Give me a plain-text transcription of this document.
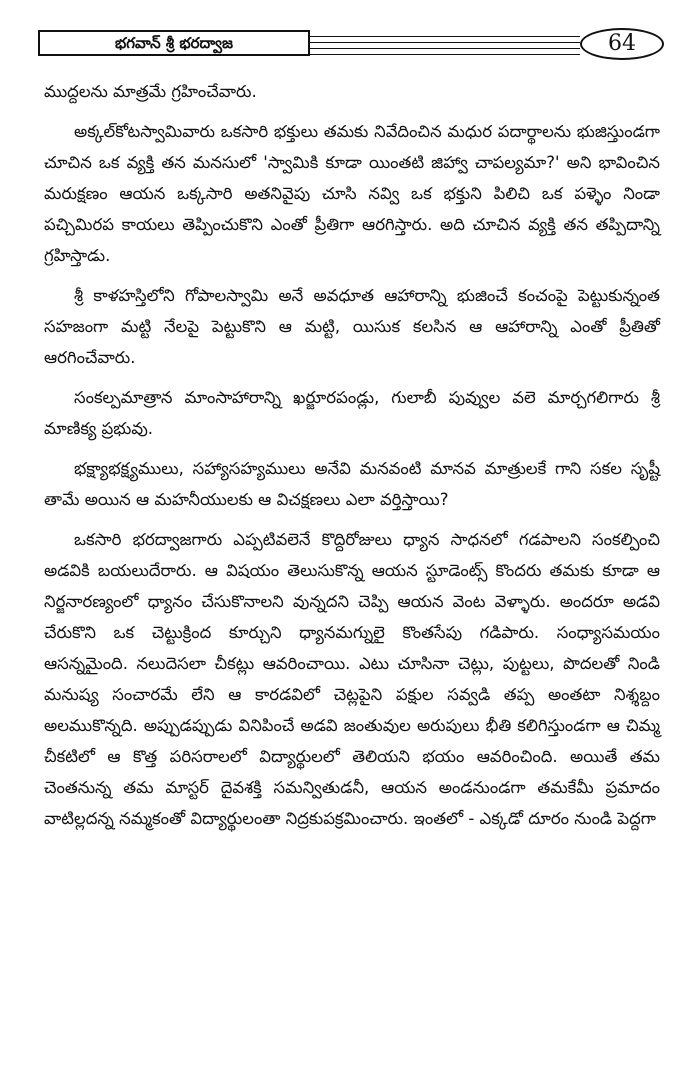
భగవాన్ శ్రీ భరద్వాజ	64

ముద్దలను మాత్రమే గ్రహించేవారు.

అక్కల్‌కోటస్వామివారు ఒకసారి భక్తులు తమకు నివేదించిన మధుర పదార్థాలను భుజిస్తుండగా చూచిన ఒక వ్యక్తి తన మనసులో 'స్వామికి కూడా యింతటి జిహ్వా చాపల్యమా?' అని భావించిన మరుక్షణం ఆయన ఒక్కసారి అతనివైపు చూసి నవ్వి ఒక భక్తుని పిలిచి ఒక పళ్ళెం నిండా పచ్చిమిరప కాయలు తెప్పించుకొని ఎంతో ప్రీతిగా ఆరగిస్తారు. అది చూచిన వ్యక్తి తన తప్పిదాన్ని గ్రహిస్తాడు.

శ్రీ కాళహస్తిలోని గోపాలస్వామి అనే అవధూత ఆహారాన్ని భుజించే కంచంపై పెట్టుకున్నంత సహజంగా మట్టి నేలపై పెట్టుకొని ఆ మట్టి, యిసుక కలసిన ఆ ఆహారాన్ని ఎంతో ప్రీతితో ఆరగించేవారు.

సంకల్పమాత్రాన మాంసాహారాన్ని ఖర్జూరపండ్లు, గులాబీ పువ్వుల వలె మార్చగలిగారు శ్రీ మాణిక్య ప్రభువు.

భక్ష్యాభక్ష్యములు, సహ్యాసహ్యములు అనేవి మనవంటి మానవ మాత్రులకే గాని సకల సృష్టీ తామే అయిన ఆ మహనీయులకు ఆ విచక్షణలు ఎలా వర్తిస్తాయి?

ఒకసారి భరద్వాజగారు ఎప్పటివలెనే కొద్దిరోజులు ధ్యాన సాధనలో గడపాలని సంకల్పించి అడవికి బయలుదేరారు. ఆ విషయం తెలుసుకొన్న ఆయన స్టూడెంట్స్ కొందరు తమకు కూడా ఆ నిర్జనారణ్యంలో ధ్యానం చేసుకొనాలని వున్నదని చెప్పి ఆయన వెంట వెళ్ళారు. అందరూ అడవి చేరుకొని ఒక చెట్టుక్రింద కూర్చుని ధ్యానమగ్నులై కొంతసేపు గడిపారు. సంధ్యాసమయం ఆసన్నమైంది. నలుదెసలా చీకట్లు ఆవరించాయి. ఎటు చూసినా చెట్లు, పుట్టలు, పొదలతో నిండి మనుష్య సంచారమే లేని ఆ కారడవిలో చెట్లపైని పక్షుల సవ్వడి తప్ప అంతటా నిశ్శబ్దం అలముకొన్నది. అప్పుడప్పుడు వినిపించే అడవి జంతువుల అరుపులు భీతి కలిగిస్తుండగా ఆ చిమ్మ చీకటిలో ఆ కొత్త పరిసరాలలో విద్యార్థులలో తెలియని భయం ఆవరించింది. అయితే తమ చెంతనున్న తమ మాస్టర్ దైవశక్తి సమన్వితుడనీ, ఆయన అండనుండగా తమకేమీ ప్రమాదం వాటిల్లదన్న నమ్మకంతో విద్యార్థులంతా నిద్రకుపక్రమించారు. ఇంతలో - ఎక్కడో దూరం నుండి పెద్దగా
